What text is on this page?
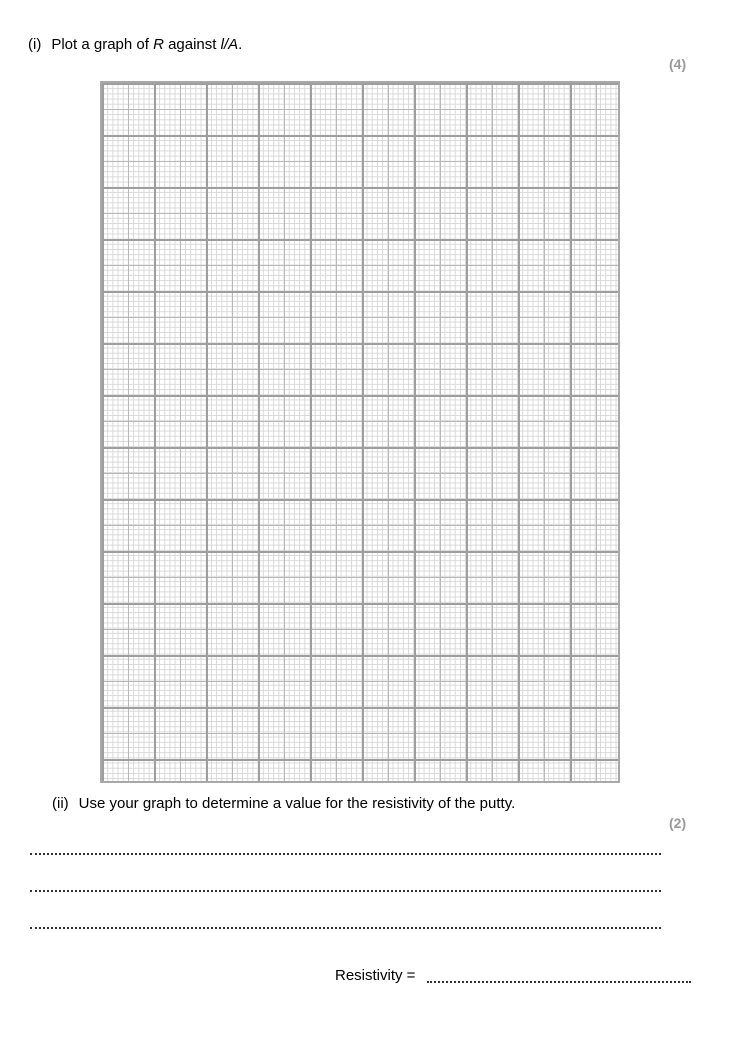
(i) Plot a graph of R against l/A.
(4)
(ii) Use your graph to determine a value for the resistivity of the putty.
(2)
Resistivity =
